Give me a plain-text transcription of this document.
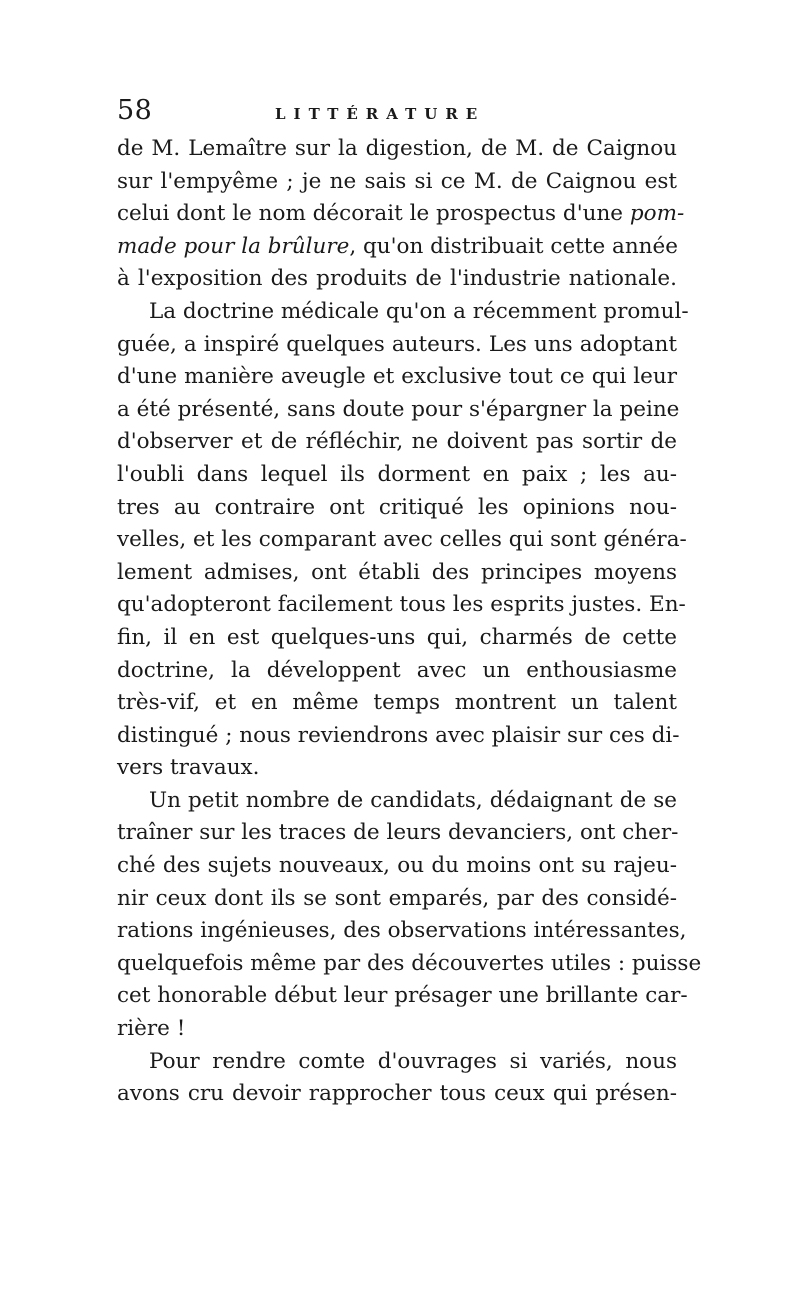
58	LITTÉRATURE
de M. Lemaître sur la digestion, de M. de Caignou
sur l'empyême ; je ne sais si ce M. de Caignou est
celui dont le nom décorait le prospectus d'une pom-
made pour la brûlure, qu'on distribuait cette année
à l'exposition des produits de l'industrie nationale.
La doctrine médicale qu'on a récemment promul-
guée, a inspiré quelques auteurs. Les uns adoptant
d'une manière aveugle et exclusive tout ce qui leur
a été présenté, sans doute pour s'épargner la peine
d'observer et de réfléchir, ne doivent pas sortir de
l'oubli dans lequel ils dorment en paix ; les au-
tres au contraire ont critiqué les opinions nou-
velles, et les comparant avec celles qui sont généra-
lement admises, ont établi des principes moyens
qu'adopteront facilement tous les esprits justes. En-
fin, il en est quelques-uns qui, charmés de cette
doctrine, la développent avec un enthousiasme
très-vif, et en même temps montrent un talent
distingué ; nous reviendrons avec plaisir sur ces di-
vers travaux.
Un petit nombre de candidats, dédaignant de se
traîner sur les traces de leurs devanciers, ont cher-
ché des sujets nouveaux, ou du moins ont su rajeu-
nir ceux dont ils se sont emparés, par des considé-
rations ingénieuses, des observations intéressantes,
quelquefois même par des découvertes utiles : puisse
cet honorable début leur présager une brillante car-
rière !
Pour rendre comte d'ouvrages si variés, nous
avons cru devoir rapprocher tous ceux qui présen-
